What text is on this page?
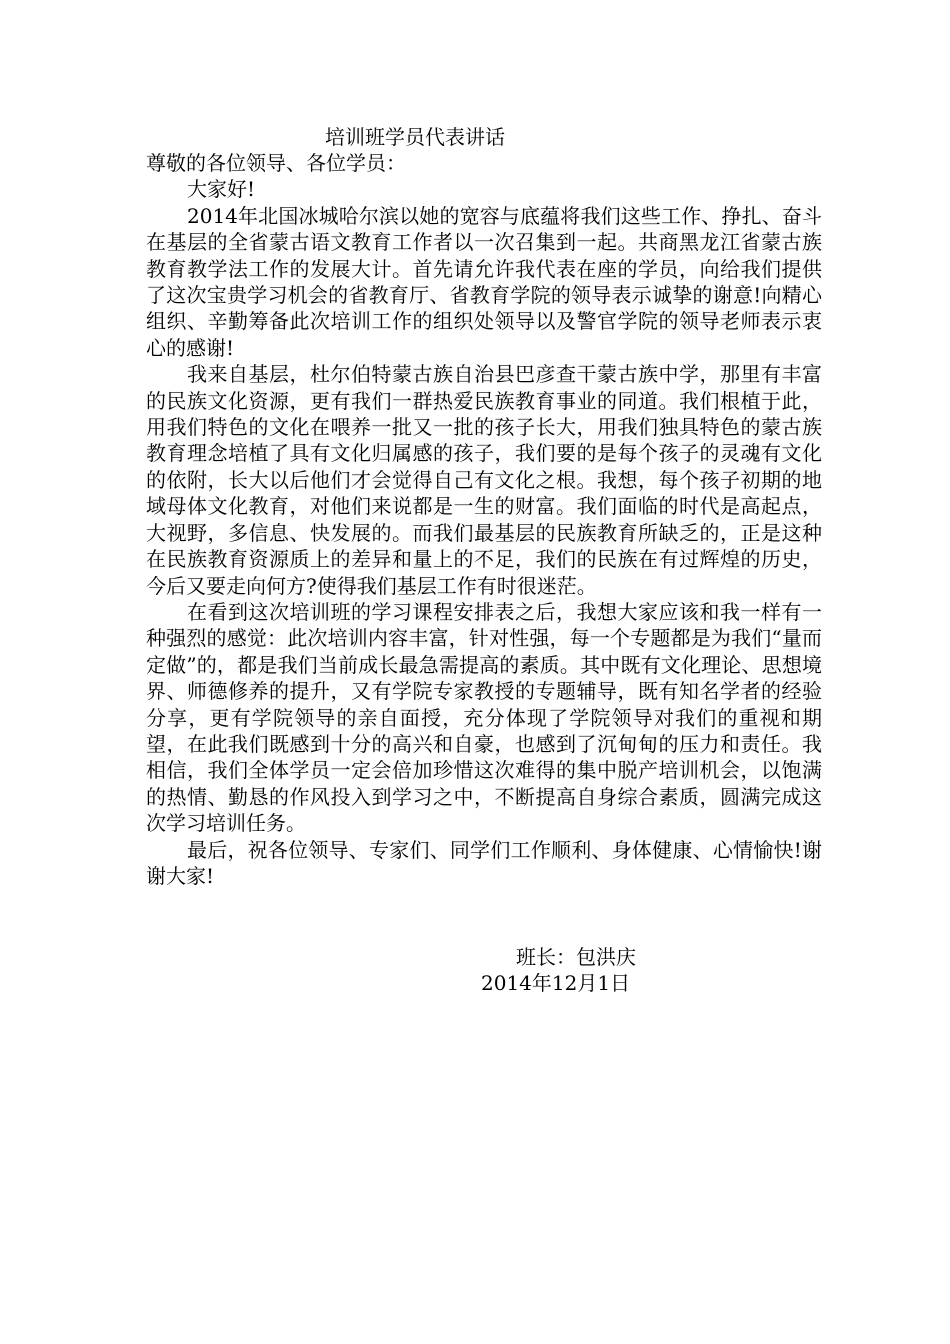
培训班学员代表讲话

尊敬的各位领导、各位学员：

大家好!

2014年北国冰城哈尔滨以她的宽容与底蕴将我们这些工作、挣扎、奋斗在基层的全省蒙古语文教育工作者以一次召集到一起。共商黑龙江省蒙古族教育教学法工作的发展大计。首先请允许我代表在座的学员，向给我们提供了这次宝贵学习机会的省教育厅、省教育学院的领导表示诚挚的谢意!向精心组织、辛勤筹备此次培训工作的组织处领导以及警官学院的领导老师表示衷心的感谢!

我来自基层，杜尔伯特蒙古族自治县巴彦查干蒙古族中学，那里有丰富的民族文化资源，更有我们一群热爱民族教育事业的同道。我们根植于此，用我们特色的文化在喂养一批又一批的孩子长大，用我们独具特色的蒙古族教育理念培植了具有文化归属感的孩子，我们要的是每个孩子的灵魂有文化的依附，长大以后他们才会觉得自己有文化之根。我想，每个孩子初期的地域母体文化教育，对他们来说都是一生的财富。我们面临的时代是高起点，大视野，多信息、快发展的。而我们最基层的民族教育所缺乏的，正是这种在民族教育资源质上的差异和量上的不足，我们的民族在有过辉煌的历史，今后又要走向何方?使得我们基层工作有时很迷茫。

在看到这次培训班的学习课程安排表之后，我想大家应该和我一样有一种强烈的感觉：此次培训内容丰富，针对性强，每一个专题都是为我们“量而定做”的，都是我们当前成长最急需提高的素质。其中既有文化理论、思想境界、师德修养的提升，又有学院专家教授的专题辅导，既有知名学者的经验分享，更有学院领导的亲自面授，充分体现了学院领导对我们的重视和期望，在此我们既感到十分的高兴和自豪，也感到了沉甸甸的压力和责任。我相信，我们全体学员一定会倍加珍惜这次难得的集中脱产培训机会，以饱满的热情、勤恳的作风投入到学习之中，不断提高自身综合素质，圆满完成这次学习培训任务。

最后，祝各位领导、专家们、同学们工作顺利、身体健康、心情愉快!谢谢大家!

班长：包洪庆
2014年12月1日
